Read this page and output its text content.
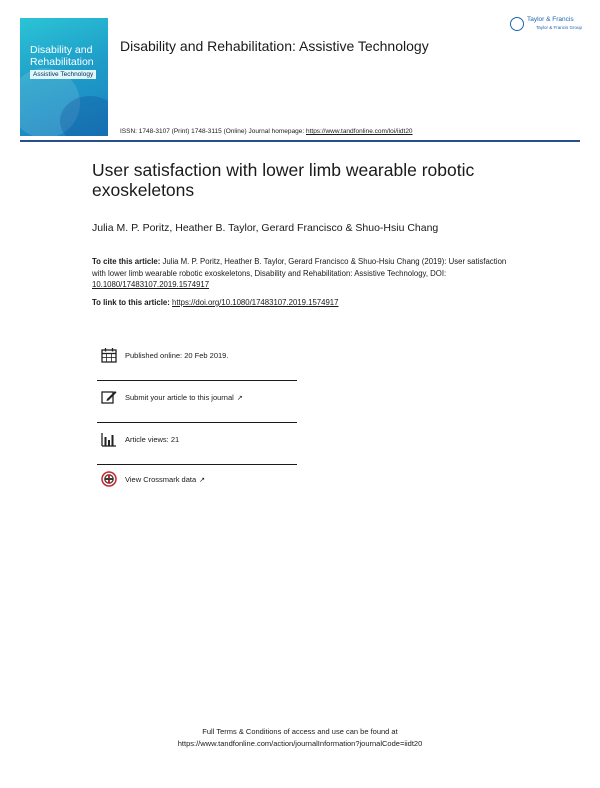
Disability and
Rehabilitation
Assistive Technology
Disability and Rehabilitation: Assistive Technology
Taylor & Francis
Taylor & Francis Group
ISSN: 1748-3107 (Print) 1748-3115 (Online) Journal homepage: https://www.tandfonline.com/loi/iidt20
User satisfaction with lower limb wearable robotic exoskeletons
Julia M. P. Poritz, Heather B. Taylor, Gerard Francisco & Shuo-Hsiu Chang
To cite this article: Julia M. P. Poritz, Heather B. Taylor, Gerard Francisco & Shuo-Hsiu Chang (2019): User satisfaction with lower limb wearable robotic exoskeletons, Disability and Rehabilitation: Assistive Technology, DOI: 10.1080/17483107.2019.1574917
To link to this article: https://doi.org/10.1080/17483107.2019.1574917
Published online: 20 Feb 2019.
Submit your article to this journal ↗
Article views: 21
View Crossmark data ↗
Full Terms & Conditions of access and use can be found at
https://www.tandfonline.com/action/journalInformation?journalCode=iidt20
